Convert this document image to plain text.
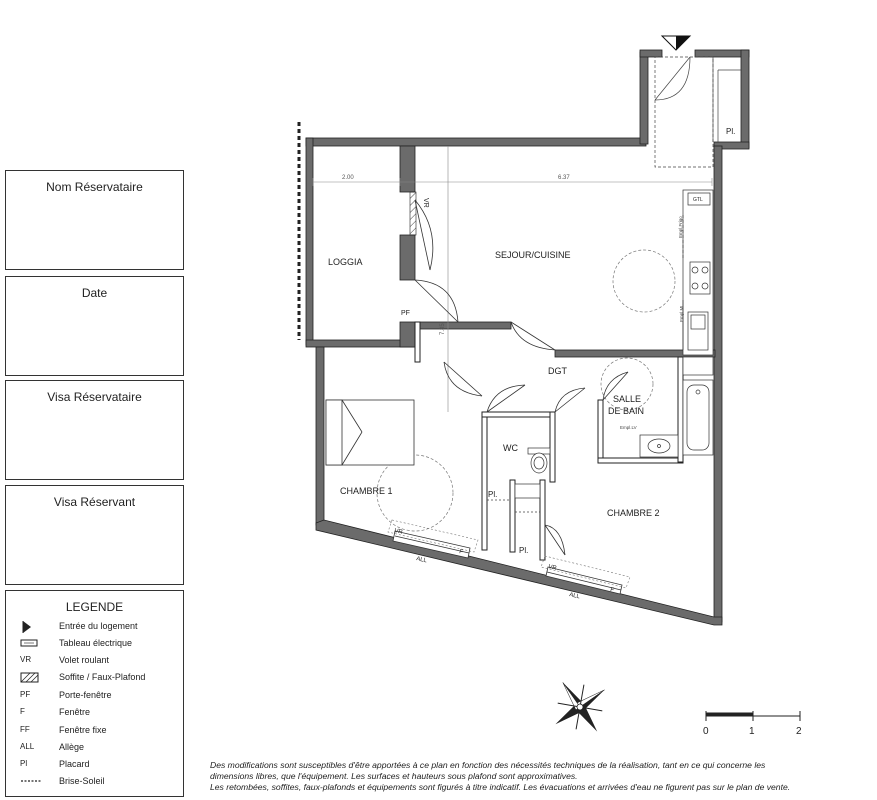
Nom Réservataire
Date
Visa Réservataire
Visa Réservant
LEGENDE
Entrée du logement
Tableau électrique
VR	Volet roulant
Soffite / Faux-Plafond
PF	Porte-fenêtre
F	Fenêtre
FF	Fenêtre fixe
ALL	Allège
Pl	Placard
Brise-Soleil
2.00	6.37
7.85
Pl.
GTL
Empl.Frigo
Empl.ML
Empl.LV
LOGGIA
SEJOUR/CUISINE
DGT
SALLE
DE BAIN
WC
CHAMBRE 1
CHAMBRE 2
PF
VR
Pl.
Pl.
VR
F
ALL
VR
F
ALL
0	1	2
Des modifications sont susceptibles d'être apportées à ce plan en fonction des nécessités techniques de la réalisation, tant en ce qui concerne les
dimensions libres, que l'équipement. Les surfaces et hauteurs sous plafond sont approximatives.
Les retombées, soffites, faux-plafonds et équipements sont figurés à titre indicatif. Les évacuations et arrivées d'eau ne figurent pas sur le plan de vente.
